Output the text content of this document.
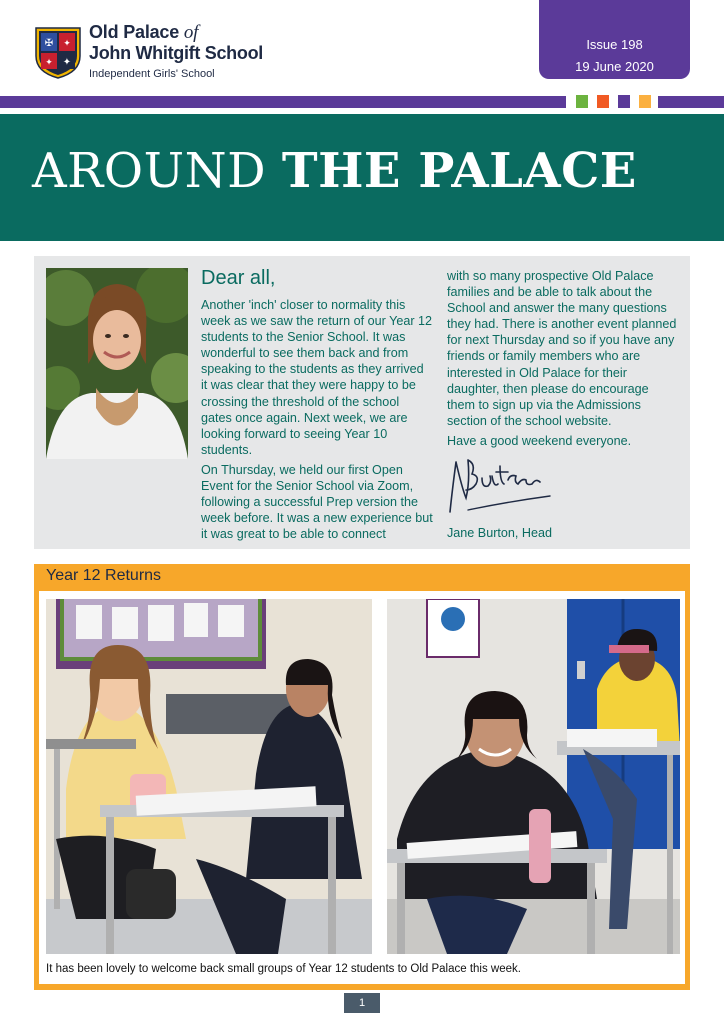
✠ ✦
✦ ✦
Old Palace of
John Whitgift School
Independent Girls' School
Issue 198
19 June 2020
AROUND THE PALACE
Dear all,

Another 'inch' closer to normality this week as we saw the return of our Year 12 students to the Senior School. It was wonderful to see them back and from speaking to the students as they arrived it was clear that they were happy to be crossing the threshold of the school gates once again. Next week, we are looking forward to seeing Year 10 students.

On Thursday, we held our first Open Event for the Senior School via Zoom, following a successful Prep version the week before. It was a new experience but it was great to be able to connect

with so many prospective Old Palace families and be able to talk about the School and answer the many questions they had. There is another event planned for next Thursday and so if you have any friends or family members who are interested in Old Palace for their daughter, then please do encourage them to sign up via the Admissions section of the school website.

Have a good weekend everyone.

Jane Burton, Head
Year 12 Returns
It has been lovely to welcome back small groups of Year 12 students to Old Palace this week.
1
